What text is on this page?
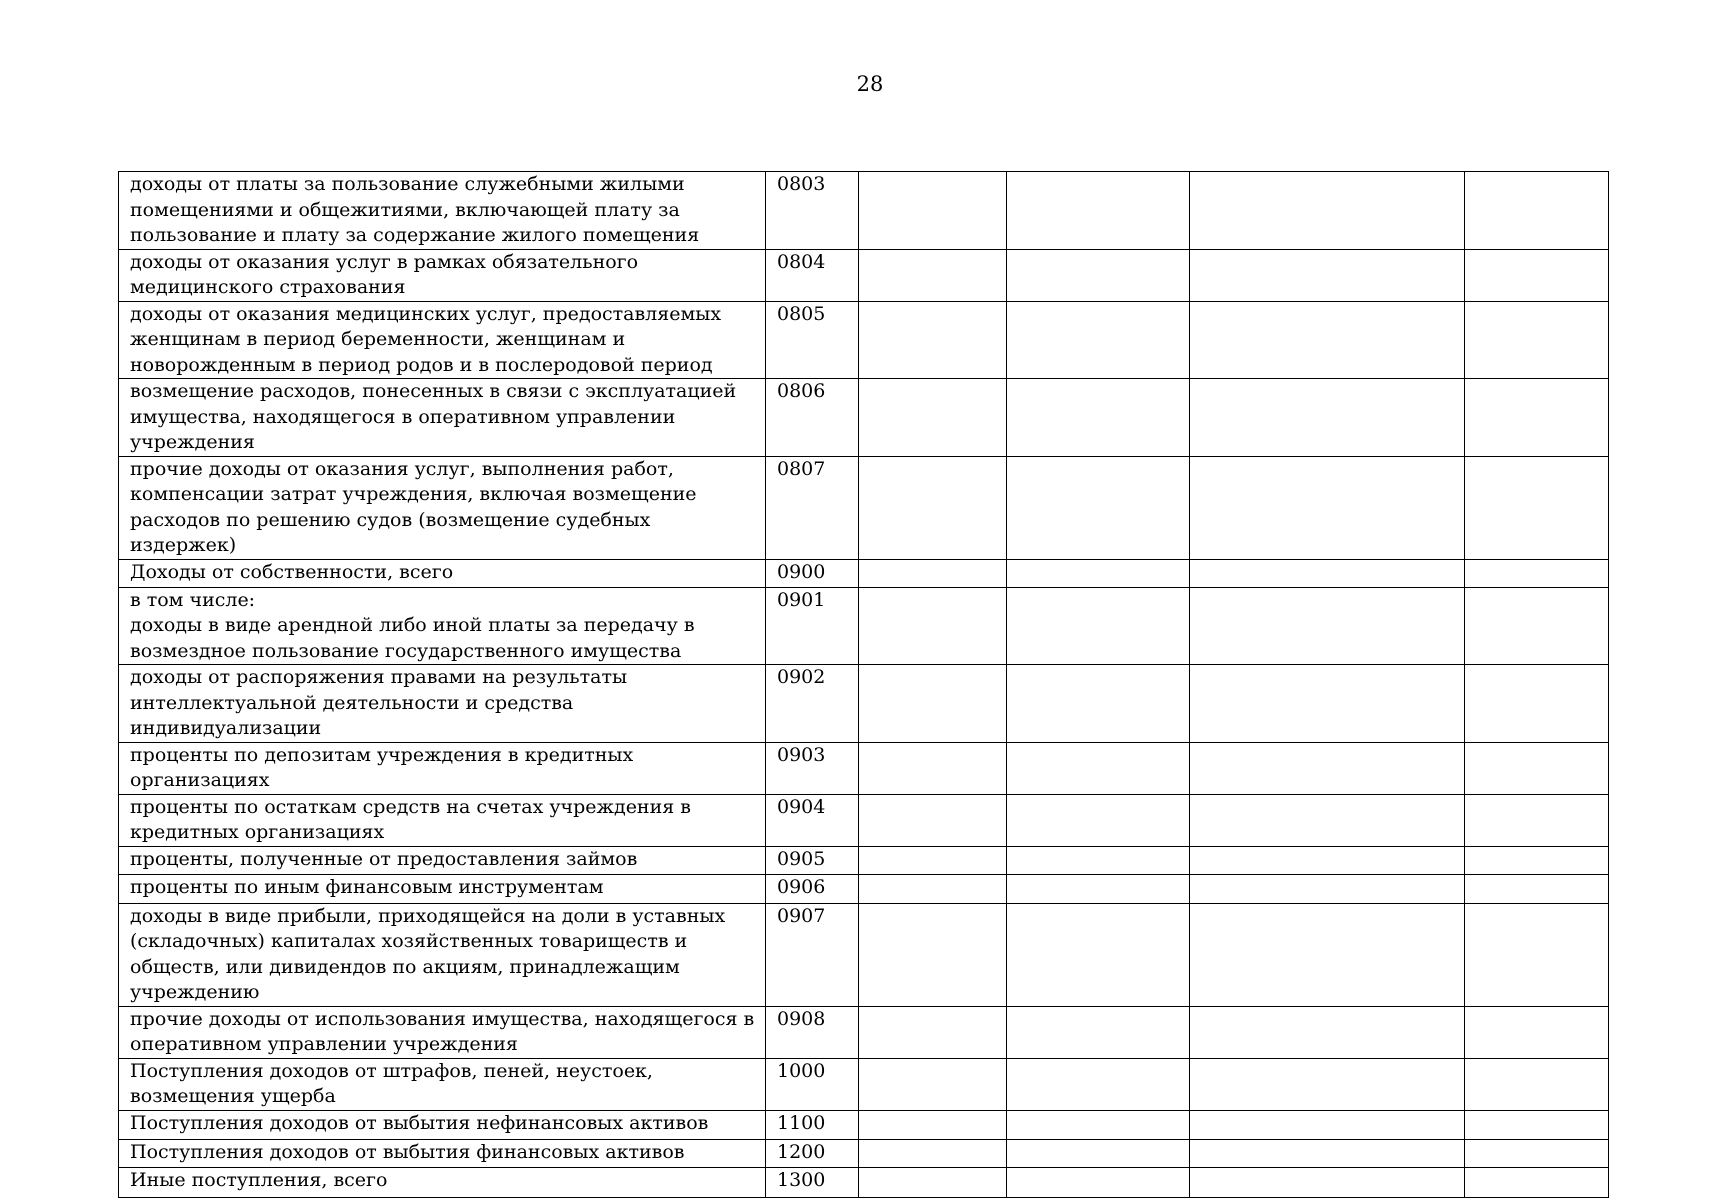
28
доходы от платы за пользование служебными жилыми помещениями и общежитиями, включающей плату за пользование и плату за содержание жилого помещения	0803				
доходы от оказания услуг в рамках обязательного медицинского страхования	0804				
доходы от оказания медицинских услуг, предоставляемых женщинам в период беременности, женщинам и новорожденным в период родов и в послеродовой период	0805				
возмещение расходов, понесенных в связи с эксплуатацией имущества, находящегося в оперативном управлении учреждения	0806				
прочие доходы от оказания услуг, выполнения работ, компенсации затрат учреждения, включая возмещение расходов по решению судов (возмещение судебных издержек)	0807				
Доходы от собственности, всего	0900				
в том числе:
доходы в виде арендной либо иной платы за передачу в возмездное пользование государственного имущества	0901				
доходы от распоряжения правами на результаты интеллектуальной деятельности и средства индивидуализации	0902				
проценты по депозитам учреждения в кредитных организациях	0903				
проценты по остаткам средств на счетах учреждения в кредитных организациях	0904				
проценты, полученные от предоставления займов	0905				
проценты по иным финансовым инструментам	0906				
доходы в виде прибыли, приходящейся на доли в уставных (складочных) капиталах хозяйственных товариществ и обществ, или дивидендов по акциям, принадлежащим учреждению	0907				
прочие доходы от использования имущества, находящегося в оперативном управлении учреждения	0908				
Поступления доходов от штрафов, пеней, неустоек, возмещения ущерба	1000				
Поступления доходов от выбытия нефинансовых активов	1100				
Поступления доходов от выбытия финансовых активов	1200				
Иные поступления, всего	1300				
